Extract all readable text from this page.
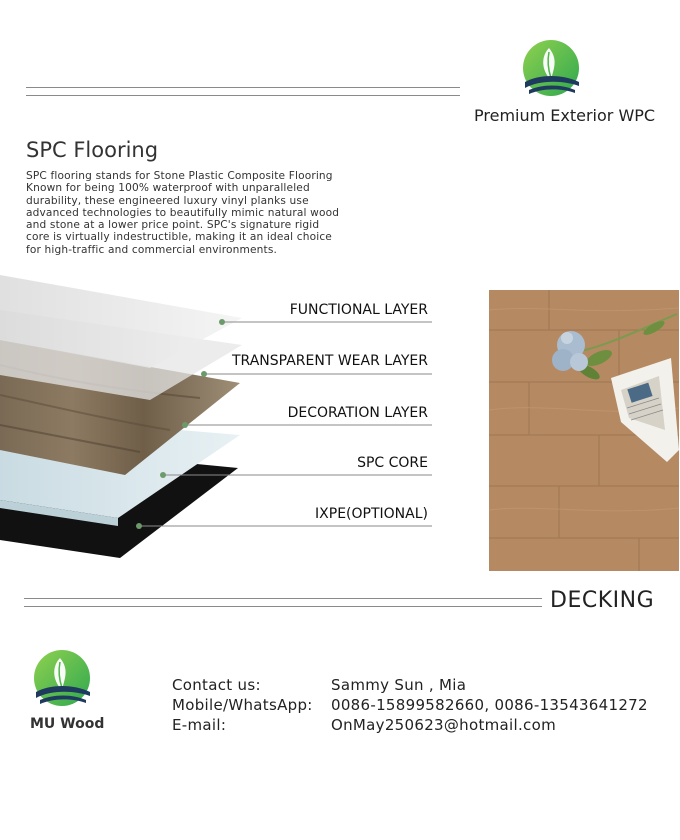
Premium Exterior WPC
SPC Flooring
SPC flooring stands for Stone Plastic Composite Flooring Known for being 100% waterproof with unparalleled durability, these engineered luxury vinyl planks use advanced technologies to beautifully mimic natural wood and stone at a lower price point. SPC's signature rigid core is virtually indestructible, making it an ideal choice for high-traffic and commercial environments.
FUNCTIONAL LAYER
TRANSPARENT WEAR LAYER
DECORATION LAYER
SPC CORE
IXPE(OPTIONAL)
DECKING
MU Wood
Contact us:	Sammy Sun , Mia
Mobile/WhatsApp: 0086-15899582660, 0086-13543641272
E-mail:	OnMay250623@hotmail.com
